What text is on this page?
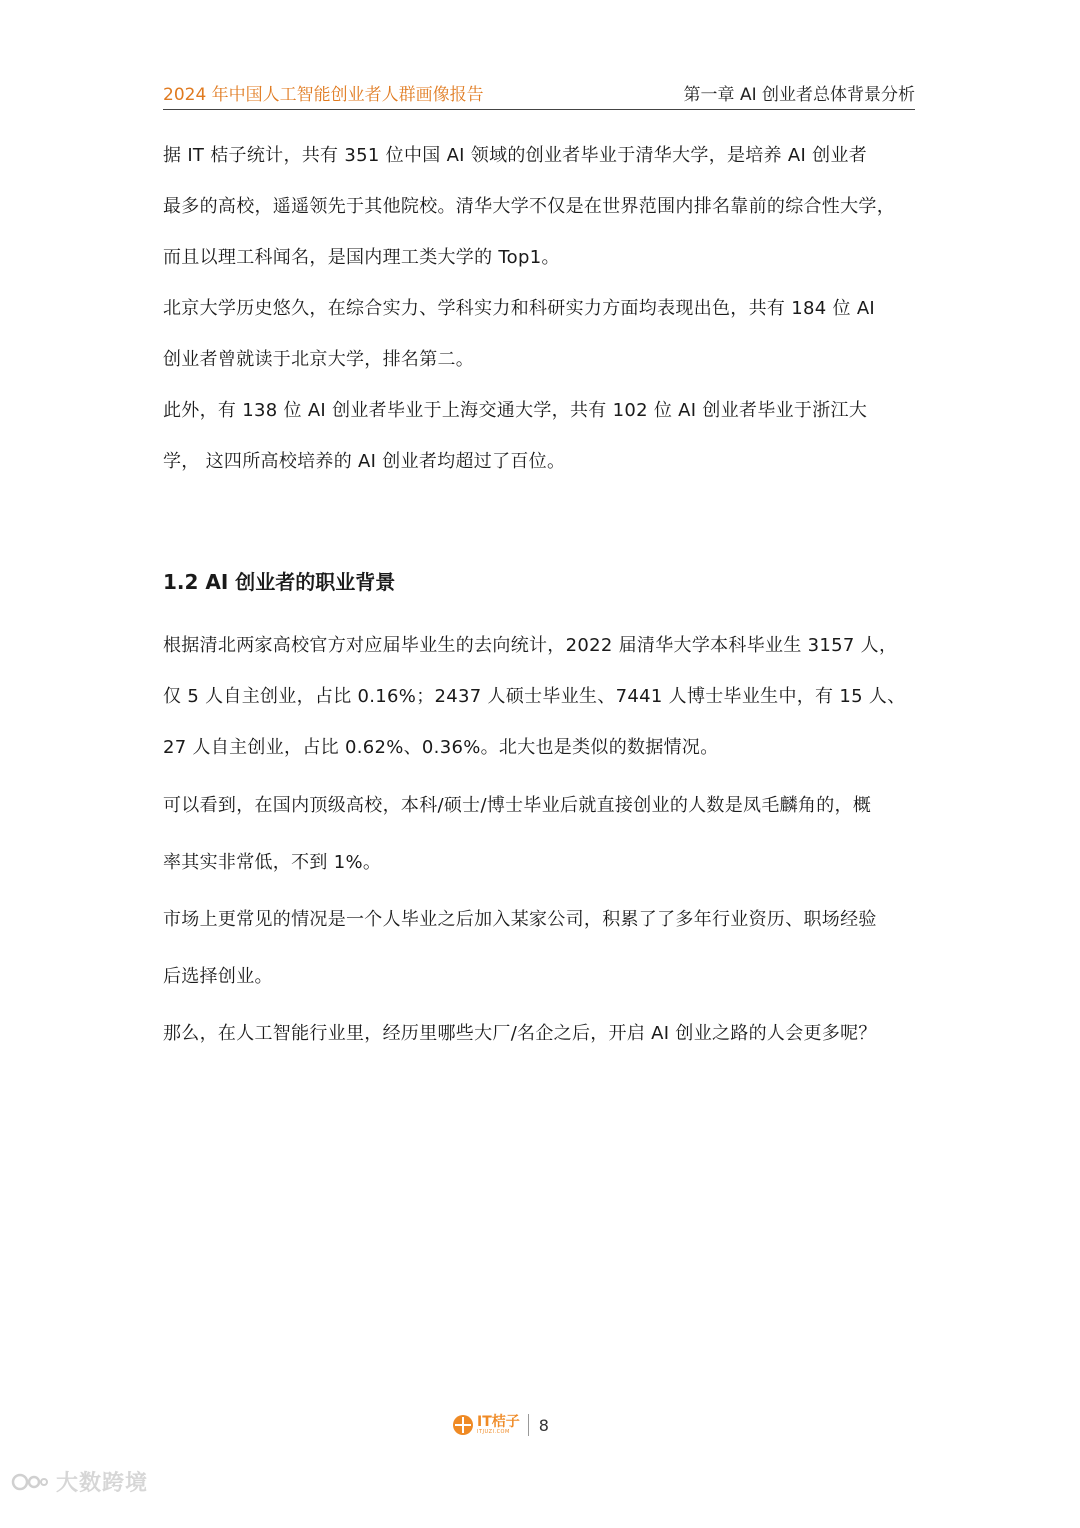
2024 年中国人工智能创业者人群画像报告	第一章 AI 创业者总体背景分析

据 IT 桔子统计，共有 351 位中国 AI 领域的创业者毕业于清华大学，是培养 AI 创业者
最多的高校，遥遥领先于其他院校。清华大学不仅是在世界范围内排名靠前的综合性大学，
而且以理工科闻名，是国内理工类大学的 Top1。

北京大学历史悠久，在综合实力、学科实力和科研实力方面均表现出色，共有 184 位 AI
创业者曾就读于北京大学，排名第二。

此外，有 138 位 AI 创业者毕业于上海交通大学，共有 102 位 AI 创业者毕业于浙江大
学， 这四所高校培养的 AI 创业者均超过了百位。

1.2 AI 创业者的职业背景

根据清北两家高校官方对应届毕业生的去向统计，2022 届清华大学本科毕业生 3157 人，
仅 5 人自主创业，占比 0.16%；2437 人硕士毕业生、7441 人博士毕业生中，有 15 人、
27 人自主创业，占比 0.62%、0.36%。北大也是类似的数据情况。

可以看到，在国内顶级高校，本科/硕士/博士毕业后就直接创业的人数是凤毛麟角的，概
率其实非常低，不到 1%。

市场上更常见的情况是一个人毕业之后加入某家公司，积累了了多年行业资历、职场经验
后选择创业。

那么，在人工智能行业里，经历里哪些大厂/名企之后，开启 AI 创业之路的人会更多呢？

IT桔子
ITJUZI.COM	8
大数跨境
